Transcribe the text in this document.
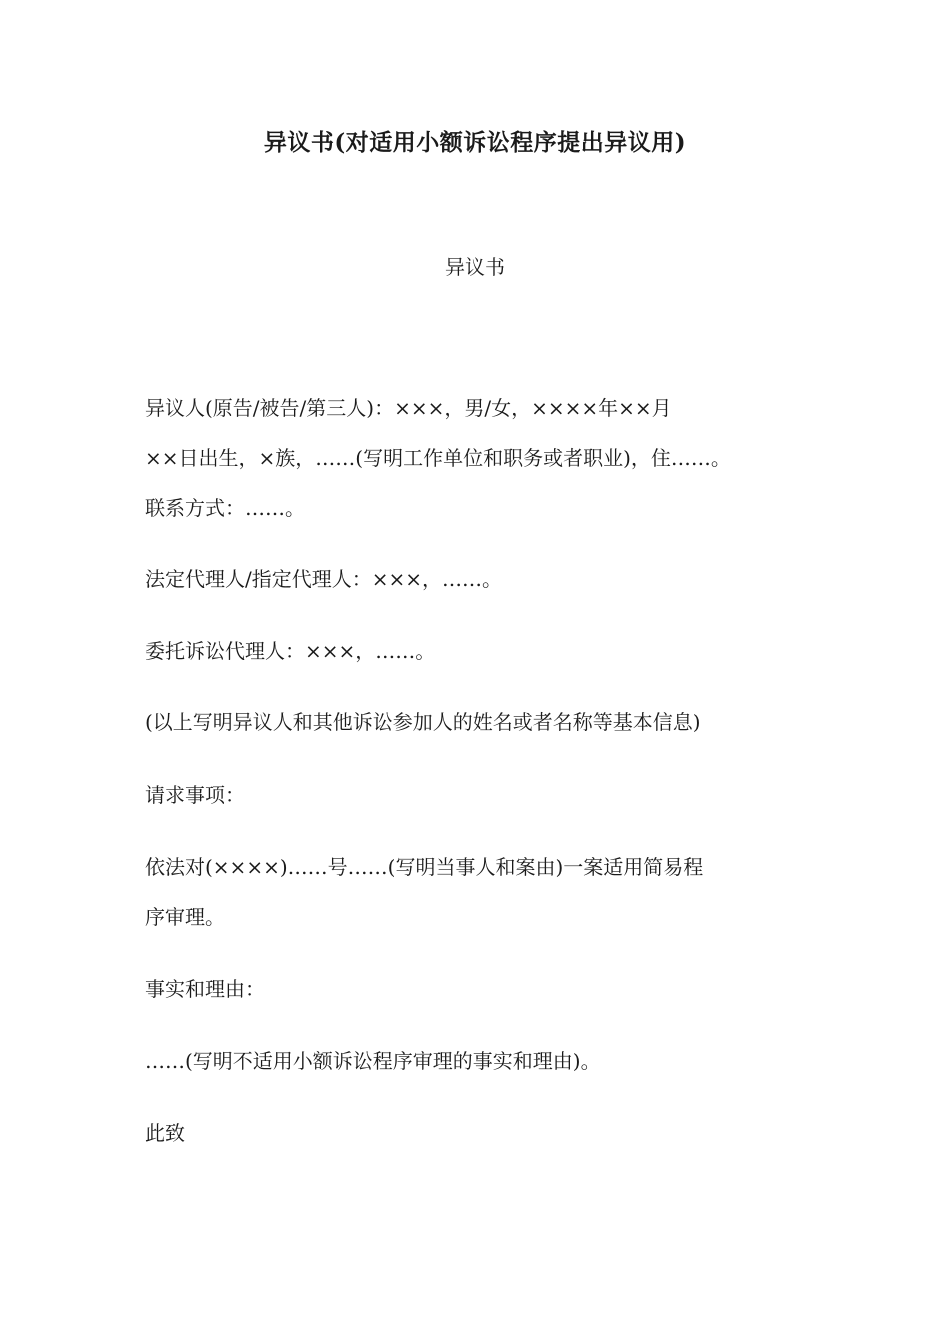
异议书(对适用小额诉讼程序提出异议用)
异议书

异议人(原告/被告/第三人)：×××，男/女，××××年××月
××日出生，×族，……(写明工作单位和职务或者职业)，住……。
联系方式：……。

法定代理人/指定代理人：×××，……。

委托诉讼代理人：×××，……。

(以上写明异议人和其他诉讼参加人的姓名或者名称等基本信息)

请求事项：

依法对(××××)……号……(写明当事人和案由)一案适用简易程
序审理。

事实和理由：

……(写明不适用小额诉讼程序审理的事实和理由)。

此致
